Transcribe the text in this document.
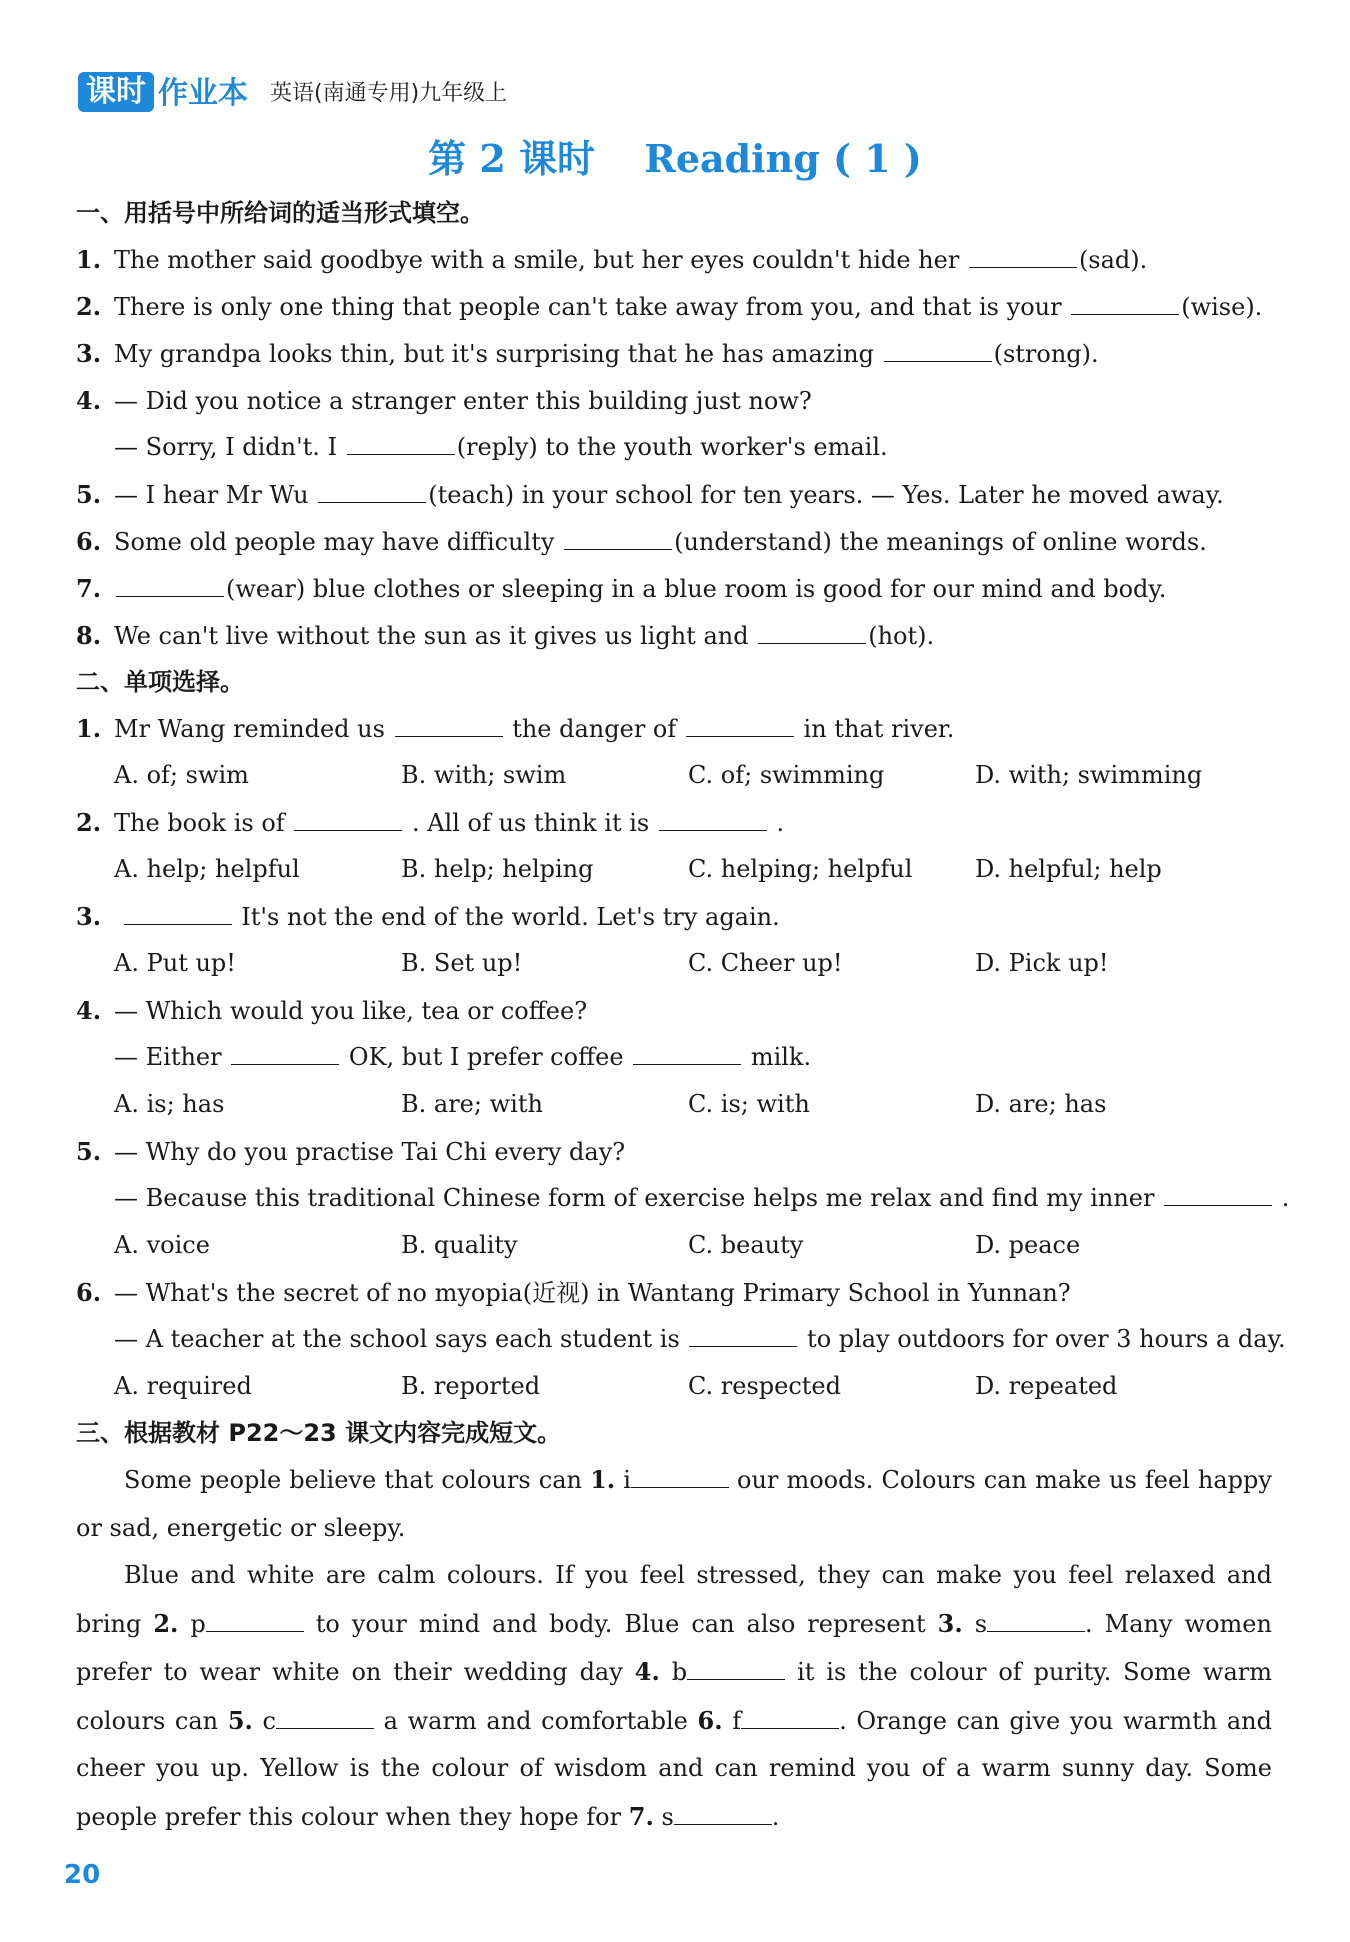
课时 作业本 英语(南通专用)九年级上
第 2 课时 Reading ( 1 )
一、用括号中所给词的适当形式填空。
1. The mother said goodbye with a smile, but her eyes couldn't hide her	(sad).
2. There is only one thing that people can't take away from you, and that is your	(wise).
3. My grandpa looks thin, but it's surprising that he has amazing	(strong).
4. — Did you notice a stranger enter this building just now?
— Sorry, I didn't. I	(reply) to the youth worker's email.
5. — I hear Mr Wu	(teach) in your school for ten years. — Yes. Later he moved away.
6. Some old people may have difficulty	(understand) the meanings of online words.
7.	(wear) blue clothes or sleeping in a blue room is good for our mind and body.
8. We can't live without the sun as it gives us light and	(hot).
二、单项选择。
1. Mr Wang reminded us	the danger of	in that river.
A. of; swim	B. with; swim	C. of; swimming	D. with; swimming
2. The book is of	. All of us think it is	.
A. help; helpful	B. help; helping	C. helping; helpful	D. helpful; help
3.	It's not the end of the world. Let's try again.
A. Put up!	B. Set up!	C. Cheer up!	D. Pick up!
4. — Which would you like, tea or coffee?
— Either	OK, but I prefer coffee	milk.
A. is; has	B. are; with	C. is; with	D. are; has
5. — Why do you practise Tai Chi every day?
— Because this traditional Chinese form of exercise helps me relax and find my inner	.
A. voice	B. quality	C. beauty	D. peace
6. — What's the secret of no myopia(近视) in Wantang Primary School in Yunnan?
— A teacher at the school says each student is	to play outdoors for over 3 hours a day.
A. required	B. reported	C. respected	D. repeated
三、根据教材 P22～23 课文内容完成短文。
Some people believe that colours can 1. i	our moods. Colours can make us feel happy or sad, energetic or sleepy.
Blue and white are calm colours. If you feel stressed, they can make you feel relaxed and bring 2. p	to your mind and body. Blue can also represent 3. s	. Many women prefer to wear white on their wedding day 4. b	it is the colour of purity. Some warm colours can 5. c	a warm and comfortable 6. f	. Orange can give you warmth and cheer you up. Yellow is the colour of wisdom and can remind you of a warm sunny day. Some people prefer this colour when they hope for 7. s	.
20
